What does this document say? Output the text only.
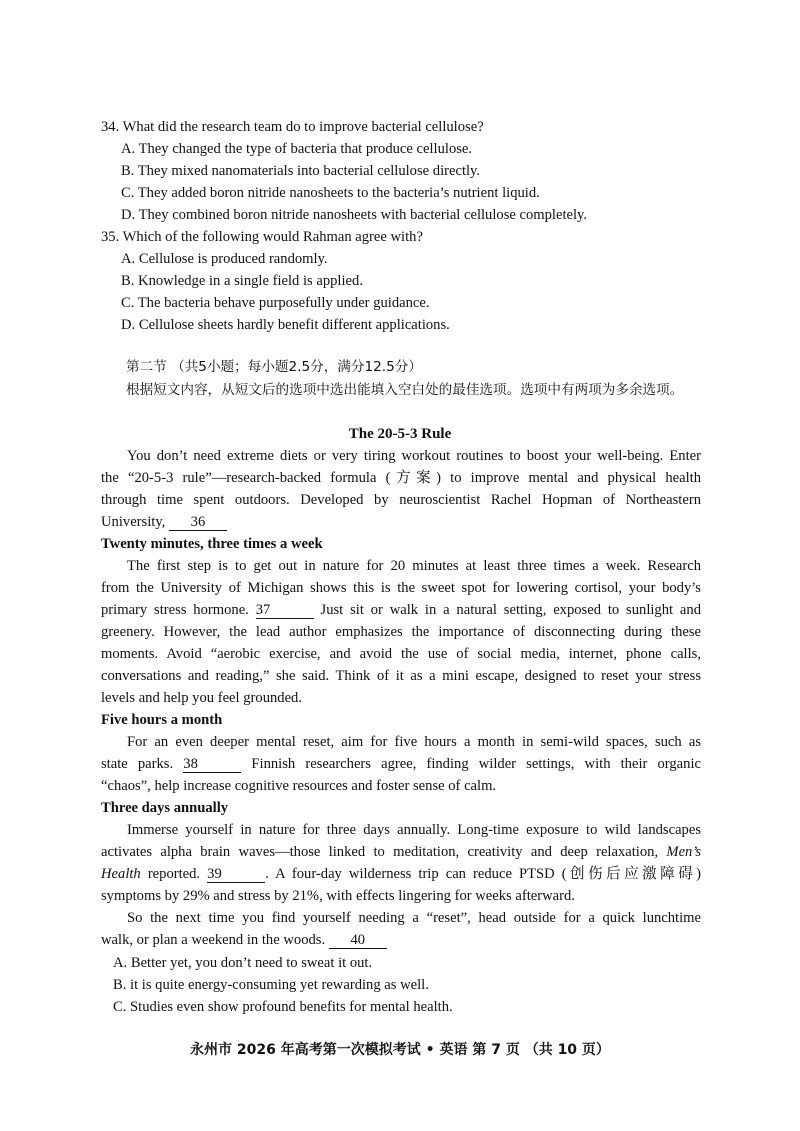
34. What did the research team do to improve bacterial cellulose?
A. They changed the type of bacteria that produce cellulose.
B. They mixed nanomaterials into bacterial cellulose directly.
C. They added boron nitride nanosheets to the bacteria’s nutrient liquid.
D. They combined boron nitride nanosheets with bacterial cellulose completely.
35. Which of the following would Rahman agree with?
A. Cellulose is produced randomly.
B. Knowledge in a single field is applied.
C. The bacteria behave purposefully under guidance.
D. Cellulose sheets hardly benefit different applications.
第二节 （共5小题；每小题2.5分，满分12.5分）
根据短文内容，从短文后的选项中选出能填入空白处的最佳选项。选项中有两项为多余选项。
The 20-5-3 Rule
You don’t need extreme diets or very tiring workout routines to boost your well-being. Enter
the “20-5-3 rule”—research-backed formula (方案) to improve mental and physical health
through time spent outdoors. Developed by neuroscientist Rachel Hopman of Northeastern
University, 36
Twenty minutes, three times a week
The first step is to get out in nature for 20 minutes at least three times a week. Research
from the University of Michigan shows this is the sweet spot for lowering cortisol, your body’s
primary stress hormone. 37	Just sit or walk in a natural setting, exposed to sunlight and
greenery. However, the lead author emphasizes the importance of disconnecting during these
moments. Avoid “aerobic exercise, and avoid the use of social media, internet, phone calls,
conversations and reading,” she said. Think of it as a mini escape, designed to reset your stress
levels and help you feel grounded.
Five hours a month
For an even deeper mental reset, aim for five hours a month in semi-wild spaces, such as
state parks. 38	Finnish researchers agree, finding wilder settings, with their organic
“chaos”, help increase cognitive resources and foster sense of calm.
Three days annually
Immerse yourself in nature for three days annually. Long-time exposure to wild landscapes
activates alpha brain waves—those linked to meditation, creativity and deep relaxation, Men’s
Health reported. 39	. A four-day wilderness trip can reduce PTSD (创伤后应激障碍)
symptoms by 29% and stress by 21%, with effects lingering for weeks afterward.
So the next time you find yourself needing a “reset”, head outside for a quick lunchtime
walk, or plan a weekend in the woods. 40
A. Better yet, you don’t need to sweat it out.
B. it is quite energy-consuming yet rewarding as well.
C. Studies even show profound benefits for mental health.
永州市 2026 年高考第一次模拟考试 • 英语 第 7 页 （共 10 页）
